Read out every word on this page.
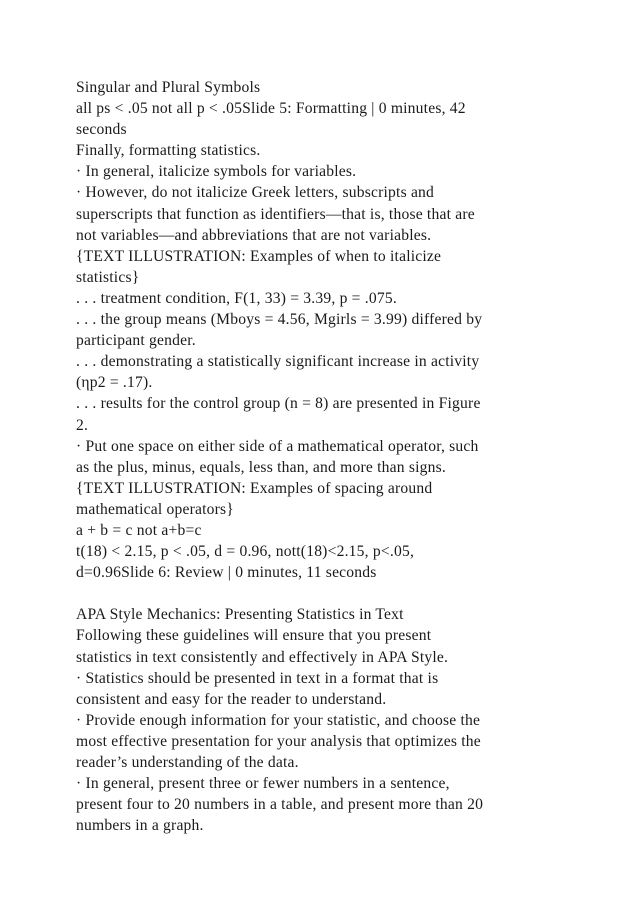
Singular and Plural Symbols
all ps < .05 not all p < .05Slide 5: Formatting | 0 minutes, 42
seconds
Finally, formatting statistics.
· In general, italicize symbols for variables.
· However, do not italicize Greek letters, subscripts and
superscripts that function as identifiers—that is, those that are
not variables—and abbreviations that are not variables.
{TEXT ILLUSTRATION: Examples of when to italicize
statistics}
. . . treatment condition, F(1, 33) = 3.39, p = .075.
. . . the group means (Mboys = 4.56, Mgirls = 3.99) differed by
participant gender.
. . . demonstrating a statistically significant increase in activity
(ηp2 = .17).
. . . results for the control group (n = 8) are presented in Figure
2.
· Put one space on either side of a mathematical operator, such
as the plus, minus, equals, less than, and more than signs.
{TEXT ILLUSTRATION: Examples of spacing around
mathematical operators}
a + b = c not a+b=c
t(18) < 2.15, p < .05, d = 0.96, nott(18)<2.15, p<.05,
d=0.96Slide 6: Review | 0 minutes, 11 seconds
APA Style Mechanics: Presenting Statistics in Text
Following these guidelines will ensure that you present
statistics in text consistently and effectively in APA Style.
· Statistics should be presented in text in a format that is
consistent and easy for the reader to understand.
· Provide enough information for your statistic, and choose the
most effective presentation for your analysis that optimizes the
reader’s understanding of the data.
· In general, present three or fewer numbers in a sentence,
present four to 20 numbers in a table, and present more than 20
numbers in a graph.
